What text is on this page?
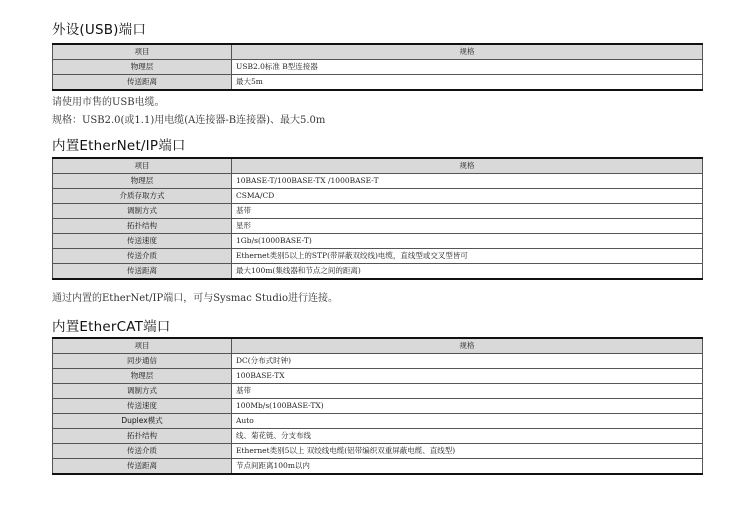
外设(USB)端口
项目	规格
物理层	USB2.0标准 B型连接器
传送距离	最大5m

请使用市售的USB电缆。

规格：USB2.0(或1.1)用电缆(A连接器-B连接器)、最大5.0m

内置EtherNet/IP端口
项目	规格
物理层	10BASE-T/100BASE-TX /1000BASE-T
介质存取方式	CSMA/CD
调制方式	基带
拓扑结构	星形
传送速度	1Gb/s(1000BASE-T)
传送介质	Ethernet类别5以上的STP(带屏蔽双绞线)电缆，直线型或交叉型皆可
传送距离	最大100m(集线器和节点之间的距离)

通过内置的EtherNet/IP端口，可与Sysmac Studio进行连接。

内置EtherCAT端口
项目	规格
同步通信	DC(分布式时钟)
物理层	100BASE-TX
调制方式	基带
传送速度	100Mb/s(100BASE-TX)
Duplex模式	Auto
拓扑结构	线、菊花链、分支布线
传送介质	Ethernet类别5以上 双绞线电缆(铝带编织双重屏蔽电缆、直线型)
传送距离	节点间距离100m以内
